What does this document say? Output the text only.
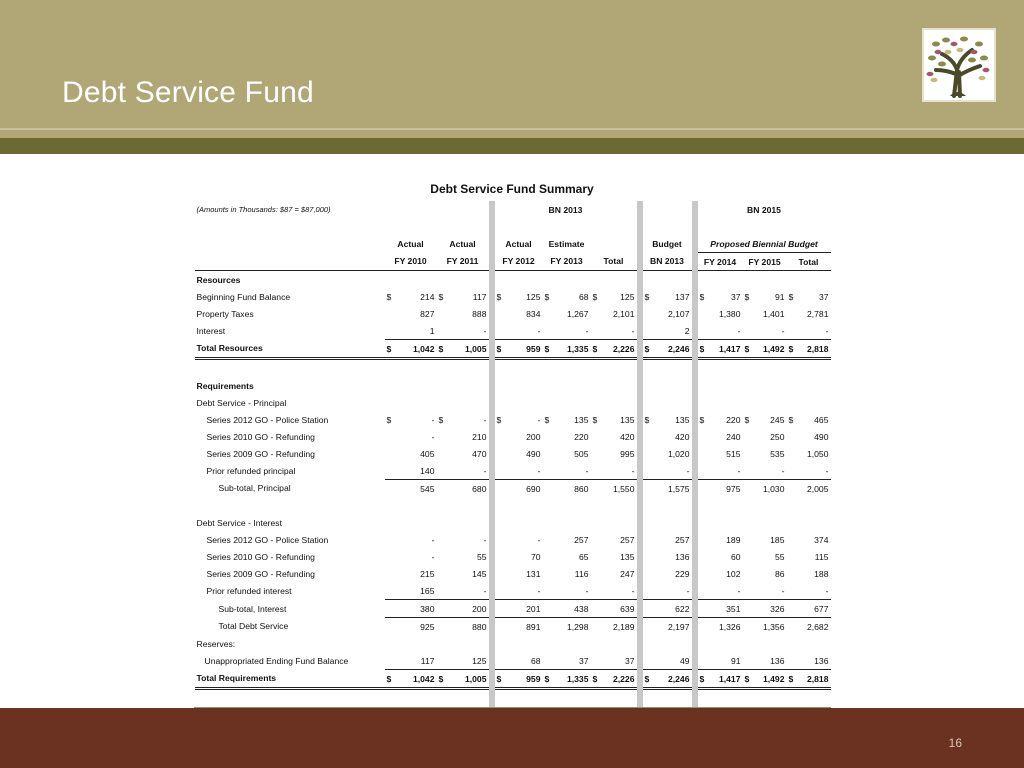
Debt Service Fund
Debt Service Fund Summary
(Amounts in Thousands: $87 = $87,000)				BN 2013						BN 2015		

	Actual	Actual		Actual	Estimate			Budget		Proposed Biennial Budget		
	FY 2010	FY 2011		FY 2012	FY 2013	Total		BN 2013		FY 2014	FY 2015	Total
Resources												
Beginning Fund Balance	$ 214	$ 117		$ 125	$ 68	$ 125		$ 137		$ 37	$ 91	$ 37
Property Taxes	827	888		834	1,267	2,101		2,107		1,380	1,401	2,781
Interest	1	-		-	-	-		2		-	-	-
Total Resources	$ 1,042	$ 1,005		$ 959	$ 1,335	$ 2,226		$ 2,246		$ 1,417	$ 1,492	$ 2,818

Requirements												
Debt Service - Principal												
Series 2012 GO - Police Station	$ -	$ -		$ -	$ 135	$ 135		$ 135		$ 220	$ 245	$ 465
Series 2010 GO - Refunding	-	210		200	220	420		420		240	250	490
Series 2009 GO - Refunding	405	470		490	505	995		1,020		515	535	1,050
Prior refunded principal	140	-		-	-	-		-		-	-	-
Sub-total, Principal	545	680		690	860	1,550		1,575		975	1,030	2,005

Debt Service - Interest												
Series 2012 GO - Police Station	-	-		-	257	257		257		189	185	374
Series 2010 GO - Refunding	-	55		70	65	135		136		60	55	115
Series 2009 GO - Refunding	215	145		131	116	247		229		102	86	188
Prior refunded interest	165	-		-	-	-		-		-	-	-
Sub-total, Interest	380	200		201	438	639		622		351	326	677
Total Debt Service	925	880		891	1,298	2,189		2,197		1,326	1,356	2,682
Reserves:												
Unappropriated Ending Fund Balance	117	125		68	37	37		49		91	136	136
Total Requirements	$ 1,042	$ 1,005		$ 959	$ 1,335	$ 2,226		$ 2,246		$ 1,417	$ 1,492	$ 2,818

16
